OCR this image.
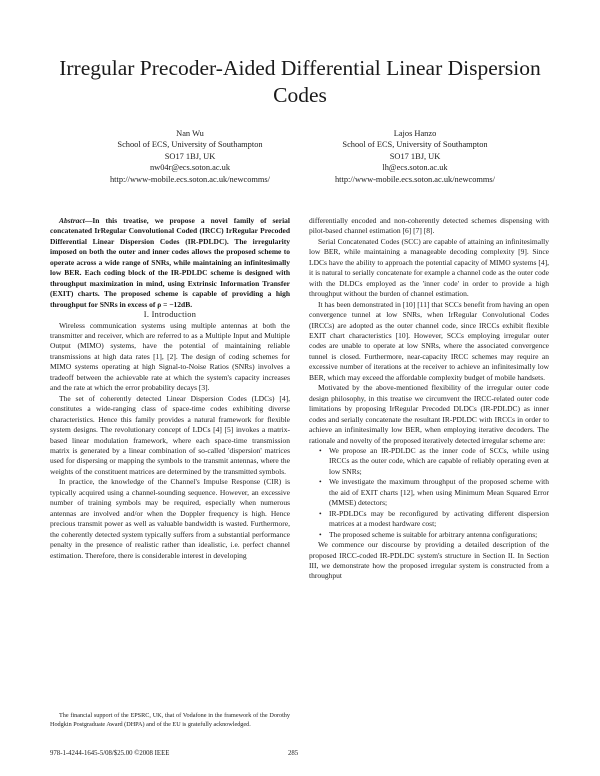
Irregular Precoder-Aided Differential Linear Dispersion Codes
Nan Wu
School of ECS, University of Southampton
SO17 1BJ, UK
nw04r@ecs.soton.ac.uk
http://www-mobile.ecs.soton.ac.uk/newcomms/
Lajos Hanzo
School of ECS, University of Southampton
SO17 1BJ, UK
lh@ecs.soton.ac.uk
http://www-mobile.ecs.soton.ac.uk/newcomms/

Abstract—In this treatise, we propose a novel family of serial concatenated IrRegular Convolutional Coded (IRCC) IrRegular Precoded Differential Linear Dispersion Codes (IR-PDLDC). The irregularity imposed on both the outer and inner codes allows the proposed scheme to operate across a wide range of SNRs, while maintaining an infinitesimally low BER. Each coding block of the IR-PDLDC scheme is designed with throughput maximization in mind, using Extrinsic Information Transfer (EXIT) charts. The proposed scheme is capable of providing a high throughput for SNRs in excess of ρ = −12dB.

I. Introduction

Wireless communication systems using multiple antennas at both the transmitter and receiver, which are referred to as a Multiple Input and Multiple Output (MIMO) systems, have the potential of maintaining reliable transmissions at high data rates [1], [2]. The design of coding schemes for MIMO systems operating at high Signal-to-Noise Ratios (SNRs) involves a tradeoff between the achievable rate at which the system's capacity increases and the rate at which the error probability decays [3].

The set of coherently detected Linear Dispersion Codes (LDCs) [4], constitutes a wide-ranging class of space-time codes exhibiting diverse characteristics. Hence this family provides a natural framework for flexible system designs. The revolutionary concept of LDCs [4] [5] invokes a matrix-based linear modulation framework, where each space-time transmission matrix is generated by a linear combination of so-called 'dispersion' matrices used for dispersing or mapping the symbols to the transmit antennas, where the weights of the constituent matrices are determined by the transmitted symbols.

In practice, the knowledge of the Channel's Impulse Response (CIR) is typically acquired using a channel-sounding sequence. However, an excessive number of training symbols may be required, especially when numerous antennas are involved and/or when the Doppler frequency is high. Hence precious transmit power as well as valuable bandwidth is wasted. Furthermore, the coherently detected system typically suffers from a substantial performance penalty in the presence of realistic rather than idealistic, i.e. perfect channel estimation. Therefore, there is considerable interest in developing

differentially encoded and non-coherently detected schemes dispensing with pilot-based channel estimation [6] [7] [8].

Serial Concatenated Codes (SCC) are capable of attaining an infinitesimally low BER, while maintaining a manageable decoding complexity [9]. Since LDCs have the ability to approach the potential capacity of MIMO systems [4], it is natural to serially concatenate for example a channel code as the outer code with the DLDCs employed as the 'inner code' in order to provide a high throughput without the burden of channel estimation.

It has been demonstrated in [10] [11] that SCCs benefit from having an open convergence tunnel at low SNRs, when IrRegular Convolutional Codes (IRCCs) are adopted as the outer channel code, since IRCCs exhibit flexible EXIT chart characteristics [10]. However, SCCs employing irregular outer codes are unable to operate at low SNRs, where the associated convergence tunnel is closed. Furthermore, near-capacity IRCC schemes may require an excessive number of iterations at the receiver to achieve an infinitesimally low BER, which may exceed the affordable complexity budget of mobile handsets.

Motivated by the above-mentioned flexibility of the irregular outer code design philosophy, in this treatise we circumvent the IRCC-related outer code limitations by proposing IrRegular Precoded DLDCs (IR-PDLDC) as inner codes and serially concatenate the resultant IR-PDLDC with IRCCs in order to achieve an infinitesimally low BER, when employing iterative decoders. The rationale and novelty of the proposed iteratively detected irregular scheme are:

• We propose an IR-PDLDC as the inner code of SCCs, while using IRCCs as the outer code, which are capable of reliably operating even at low SNRs;
• We investigate the maximum throughput of the proposed scheme with the aid of EXIT charts [12], when using Minimum Mean Squared Error (MMSE) detectors;
• IR-PDLDCs may be reconfigured by activating different dispersion matrices at a modest hardware cost;
• The proposed scheme is suitable for arbitrary antenna configurations;

We commence our discourse by providing a detailed description of the proposed IRCC-coded IR-PDLDC system's structure in Section II. In Section III, we demonstrate how the proposed irregular system is constructed from a throughput

The financial support of the EPSRC, UK, that of Vodafone in the framework of the Dorothy Hodgkin Postgraduate Award (DHPA) and of the EU is gratefully acknowledged.

978-1-4244-1645-5/08/$25.00 ©2008 IEEE	285
